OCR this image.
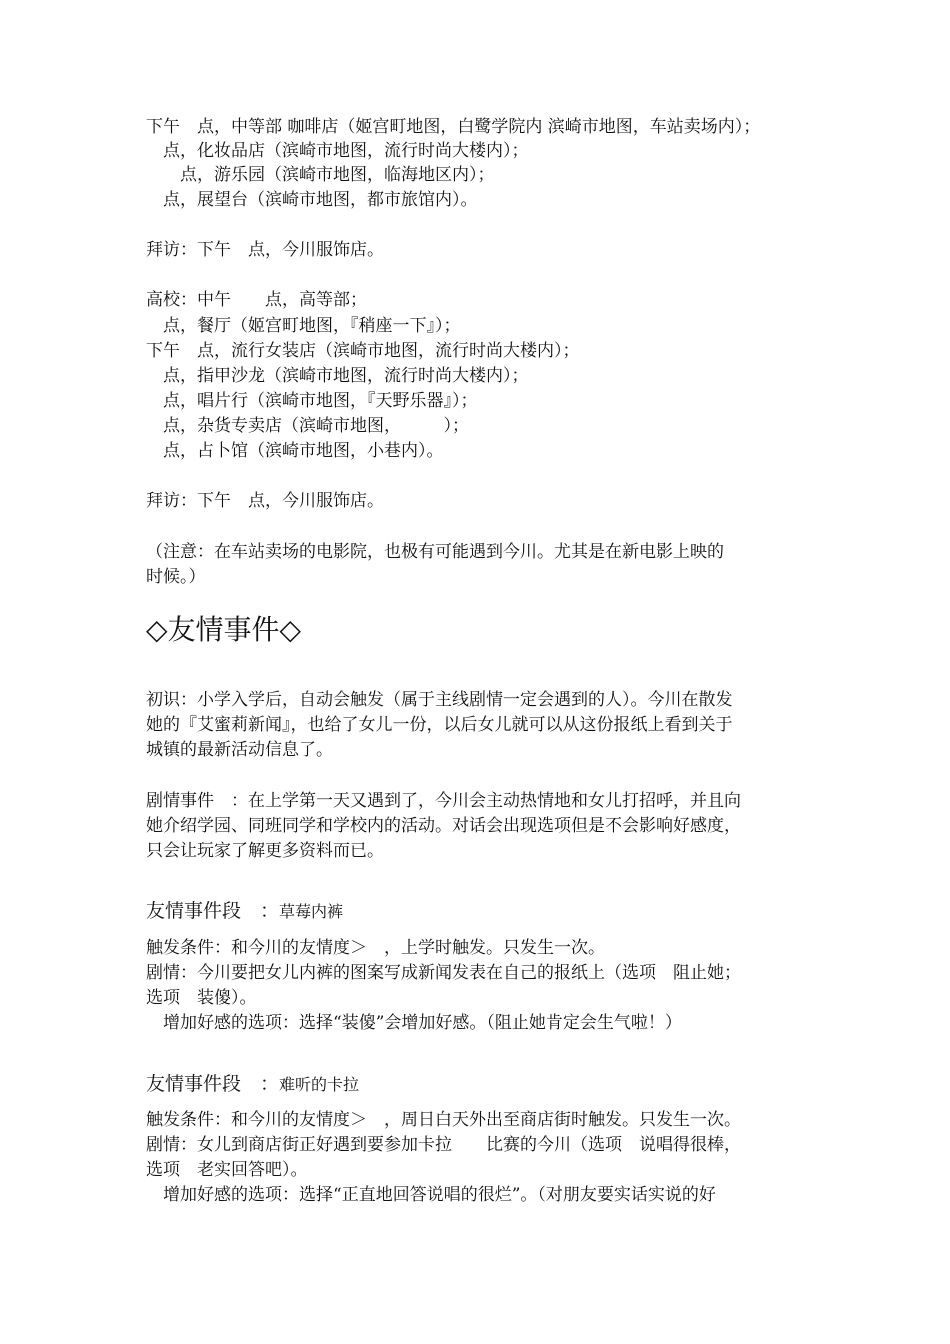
下午　点，中等部 咖啡店（姬宫町地图，白鹭学院内 滨崎市地图，车站卖场内）；
　点，化妆品店（滨崎市地图，流行时尚大楼内）；
　　点，游乐园（滨崎市地图，临海地区内）；
　点，展望台（滨崎市地图，都市旅馆内）。
拜访：下午　点，今川服饰店。
高校：中午　　点，高等部；
　点，餐厅（姬宫町地图，『稍座一下』）；
下午　点，流行女装店（滨崎市地图，流行时尚大楼内）；
　点，指甲沙龙（滨崎市地图，流行时尚大楼内）；
　点，唱片行（滨崎市地图，『天野乐器』）；
　点，杂货专卖店（滨崎市地图，　　　）；
　点，占卜馆（滨崎市地图，小巷内）。
拜访：下午　点，今川服饰店。
（注意：在车站卖场的电影院，也极有可能遇到今川。尤其是在新电影上映的
时候。）
◇友情事件◇
初识：小学入学后，自动会触发（属于主线剧情一定会遇到的人）。今川在散发
她的『艾蜜莉新闻』，也给了女儿一份，以后女儿就可以从这份报纸上看到关于
城镇的最新活动信息了。
剧情事件　：在上学第一天又遇到了，今川会主动热情地和女儿打招呼，并且向
她介绍学园、同班同学和学校内的活动。对话会出现选项但是不会影响好感度，
只会让玩家了解更多资料而已。
友情事件段　：草莓内裤
触发条件：和今川的友情度＞　，上学时触发。只发生一次。
剧情：今川要把女儿内裤的图案写成新闻发表在自己的报纸上（选项　阻止她；
选项　装傻）。
　增加好感的选项：选择“装傻”会增加好感。（阻止她肯定会生气啦！）
友情事件段　：难听的卡拉
触发条件：和今川的友情度＞　，周日白天外出至商店街时触发。只发生一次。
剧情：女儿到商店街正好遇到要参加卡拉　　比赛的今川（选项　说唱得很棒，
选项　老实回答吧）。
　增加好感的选项：选择“正直地回答说唱的很烂”。（对朋友要实话实说的好
